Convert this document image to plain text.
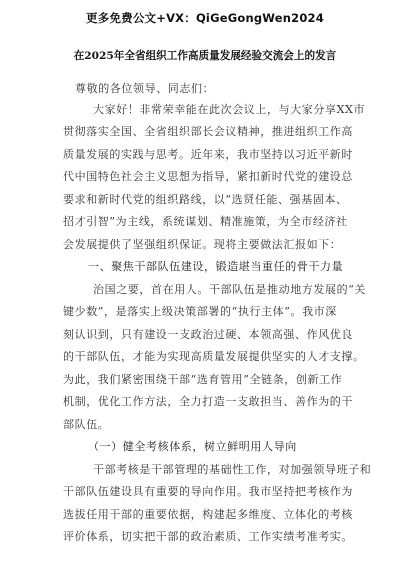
更多免费公文+VX：QiGeGongWen2024
在2025年全省组织工作高质量发展经验交流会上的发言
尊敬的各位领导、同志们：
大家好！非常荣幸能在此次会议上，与大家分享XX市
贯彻落实全国、全省组织部长会议精神，推进组织工作高
质量发展的实践与思考。近年来，我市坚持以习近平新时
代中国特色社会主义思想为指导，紧扣新时代党的建设总
要求和新时代党的组织路线，以“选贤任能、强基固本、
招才引智”为主线，系统谋划、精准施策，为全市经济社
会发展提供了坚强组织保证。现将主要做法汇报如下：
一、聚焦干部队伍建设，锻造堪当重任的骨干力量
治国之要，首在用人。干部队伍是推动地方发展的“关
键少数”，是落实上级决策部署的“执行主体”。我市深
刻认识到，只有建设一支政治过硬、本领高强、作风优良
的干部队伍，才能为实现高质量发展提供坚实的人才支撑。
为此，我们紧密围绕干部“选育管用”全链条，创新工作
机制，优化工作方法，全力打造一支敢担当、善作为的干
部队伍。
（一）健全考核体系，树立鲜明用人导向
干部考核是干部管理的基础性工作，对加强领导班子和
干部队伍建设具有重要的导向作用。我市坚持把考核作为
选拔任用干部的重要依据，构建起多维度、立体化的考核
评价体系，切实把干部的政治素质、工作实绩考准考实。
